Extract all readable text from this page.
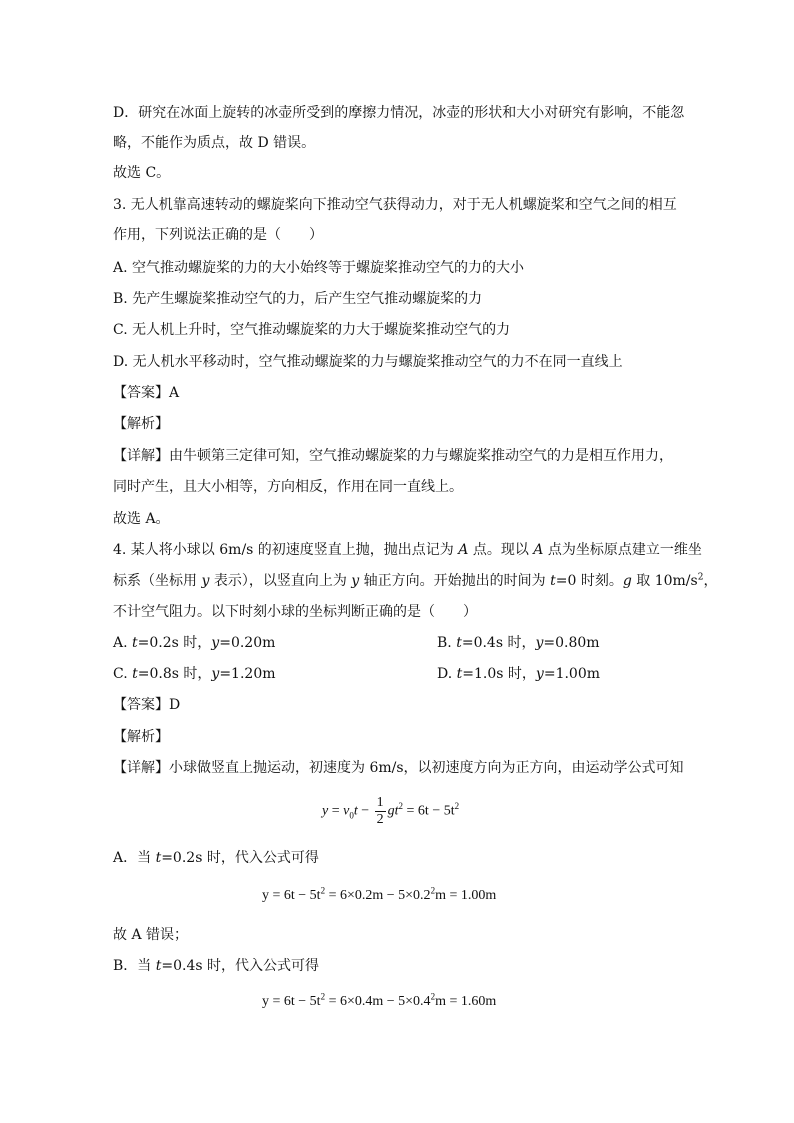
D．研究在冰面上旋转的冰壶所受到的摩擦力情况，冰壶的形状和大小对研究有影响，不能忽
略，不能作为质点，故 D 错误。
故选 C。
3. 无人机靠高速转动的螺旋桨向下推动空气获得动力，对于无人机螺旋桨和空气之间的相互
作用，下列说法正确的是（　　）
A. 空气推动螺旋桨的力的大小始终等于螺旋桨推动空气的力的大小
B. 先产生螺旋桨推动空气的力，后产生空气推动螺旋桨的力
C. 无人机上升时，空气推动螺旋桨的力大于螺旋桨推动空气的力
D. 无人机水平移动时，空气推动螺旋桨的力与螺旋桨推动空气的力不在同一直线上
【答案】A
【解析】
【详解】由牛顿第三定律可知，空气推动螺旋桨的力与螺旋桨推动空气的力是相互作用力，
同时产生，且大小相等，方向相反，作用在同一直线上。
故选 A。
4. 某人将小球以 6m/s 的初速度竖直上抛，抛出点记为 A 点。现以 A 点为坐标原点建立一维坐
标系（坐标用 y 表示），以竖直向上为 y 轴正方向。开始抛出的时间为 t=0 时刻。g 取 $10m/s^2$，
不计空气阻力。以下时刻小球的坐标判断正确的是（　　）
A. t=0.2s 时，y=0.20m	B. t=0.4s 时，y=0.80m
C. t=0.8s 时，y=1.20m	D. t=1.0s 时，y=1.00m
【答案】D
【解析】
【详解】小球做竖直上抛运动，初速度为 6m/s，以初速度方向为正方向，由运动学公式可知
$y = v_0t - \frac{1}{2} gt^2 = 6t - 5t^2$
A．当 t=0.2s 时，代入公式可得
$y = 6t - 5t^2 = 6\times 0.2m - 5\times 0.2^2m = 1.00m$
故 A 错误；
B．当 t=0.4s 时，代入公式可得
$y = 6t - 5t^2 = 6\times 0.4m - 5\times 0.4^2m = 1.60m$
